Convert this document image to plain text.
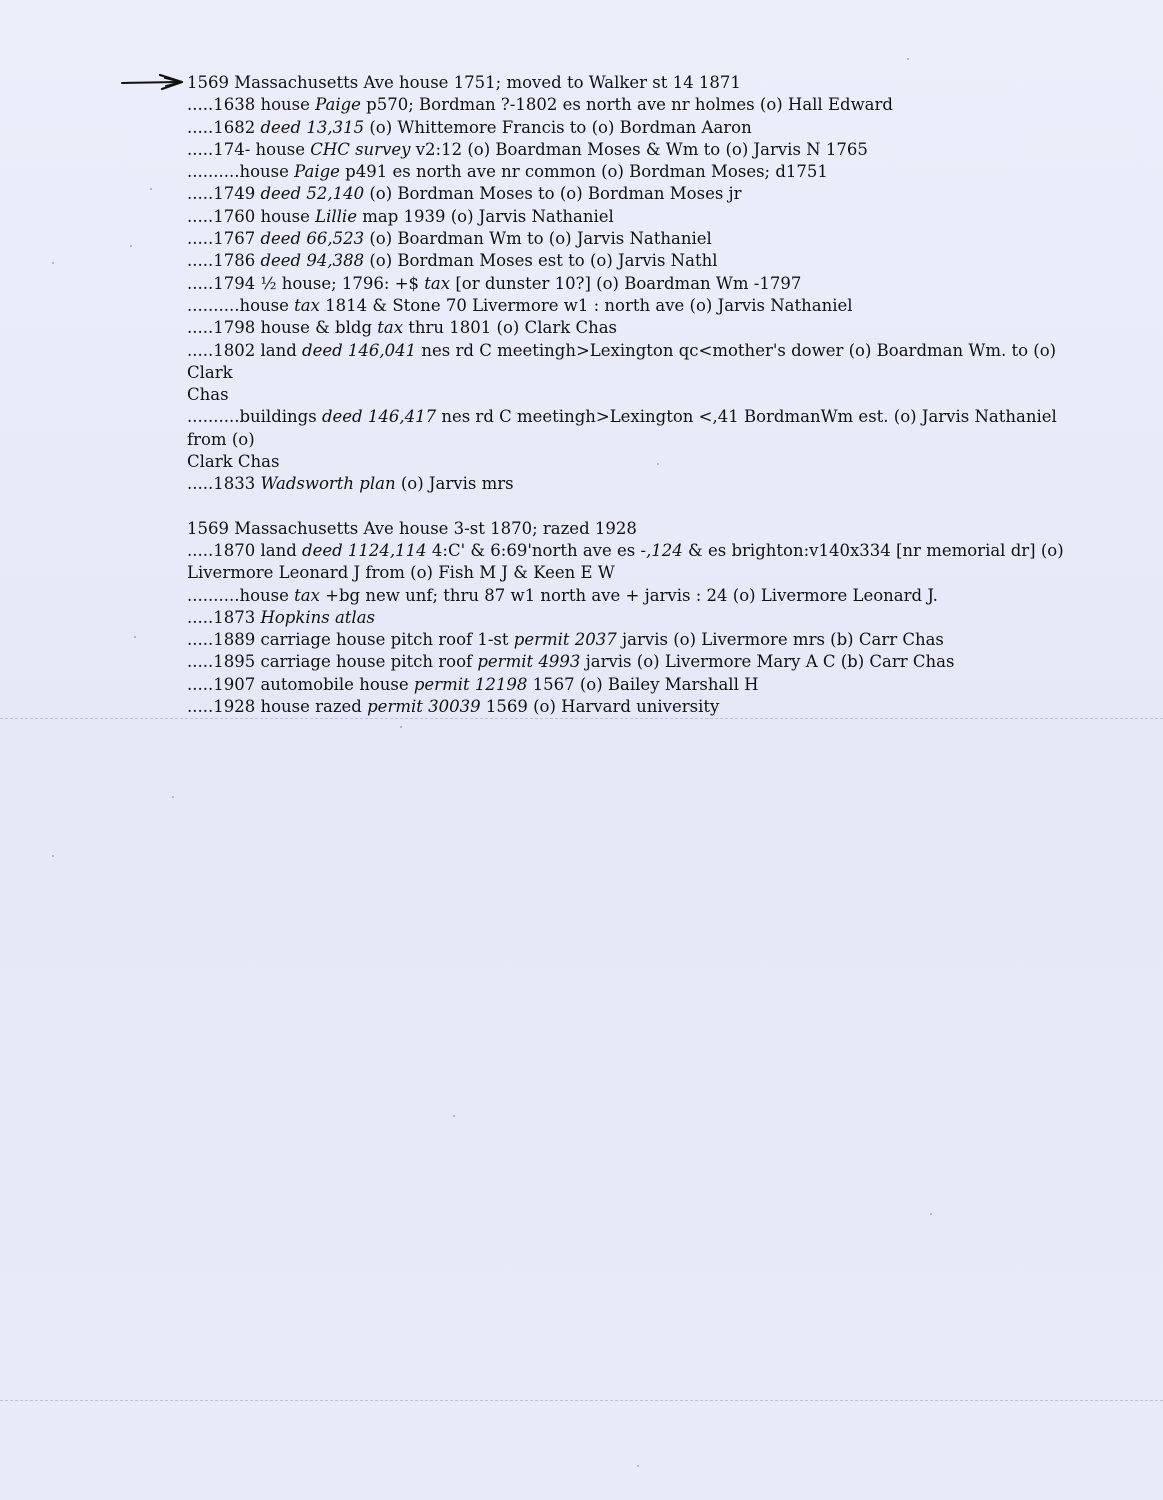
1569 Massachusetts Ave house 1751; moved to Walker st 14 1871

.....1638 house Paige p570; Bordman ?-1802 es north ave nr holmes (o) Hall Edward

.....1682 deed 13,315 (o) Whittemore Francis to (o) Bordman Aaron

.....174- house CHC survey v2:12 (o) Boardman Moses & Wm to (o) Jarvis N 1765

..........house Paige p491 es north ave nr common (o) Bordman Moses; d1751

.....1749 deed 52,140 (o) Bordman Moses to (o) Bordman Moses jr

.....1760 house Lillie map 1939 (o) Jarvis Nathaniel

.....1767 deed 66,523 (o) Boardman Wm to (o) Jarvis Nathaniel

.....1786 deed 94,388 (o) Bordman Moses est to (o) Jarvis Nathl

.....1794 ½ house; 1796: +$ tax [or dunster 10?] (o) Boardman Wm -1797

..........house tax 1814 & Stone 70 Livermore w1 : north ave (o) Jarvis Nathaniel

.....1798 house & bldg tax thru 1801 (o) Clark Chas

.....1802 land deed 146,041 nes rd C meetingh>Lexington qc<mother's dower (o) Boardman Wm. to (o) Clark

Chas

..........buildings deed 146,417 nes rd C meetingh>Lexington <,41 BordmanWm est. (o) Jarvis Nathaniel from (o)

Clark Chas

.....1833 Wadsworth plan (o) Jarvis mrs

1569 Massachusetts Ave house 3-st 1870; razed 1928

.....1870 land deed 1124,114 4:C' & 6:69'north ave es -,124 & es brighton:v140x334 [nr memorial dr] (o)

Livermore Leonard J from (o) Fish M J & Keen E W

..........house tax +bg new unf; thru 87 w1 north ave + jarvis : 24 (o) Livermore Leonard J.

.....1873 Hopkins atlas

.....1889 carriage house pitch roof 1-st permit 2037 jarvis (o) Livermore mrs (b) Carr Chas

.....1895 carriage house pitch roof permit 4993 jarvis (o) Livermore Mary A C (b) Carr Chas

.....1907 automobile house permit 12198 1567 (o) Bailey Marshall H

.....1928 house razed permit 30039 1569 (o) Harvard university
